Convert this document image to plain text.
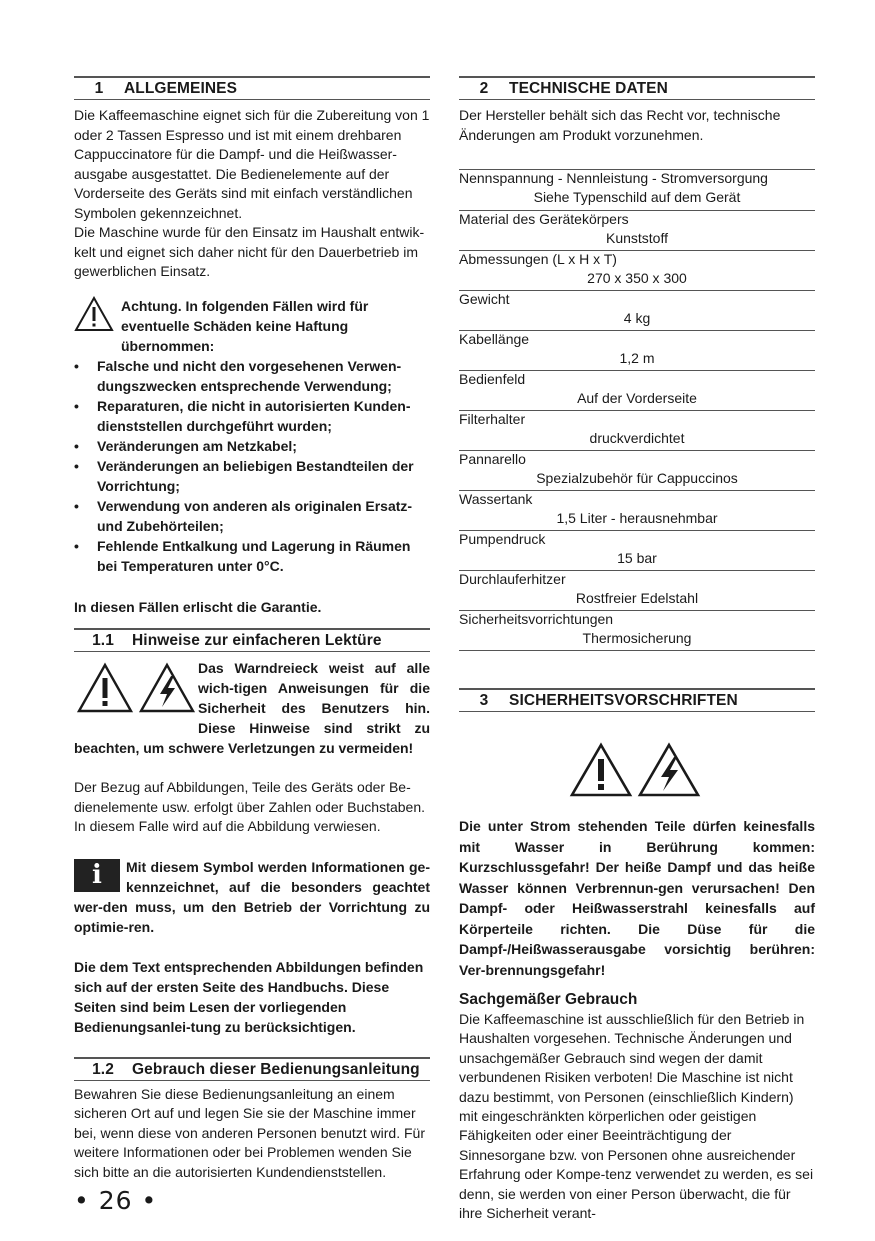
1 ALLGEMEINES

Die Kaffeemaschine eignet sich für die Zubereitung von 1 oder 2 Tassen Espresso und ist mit einem drehbaren Cappuccinatore für die Dampf- und die Heißwasser-ausgabe ausgestattet. Die Bedienelemente auf der Vorderseite des Geräts sind mit einfach verständlichen Symbolen gekennzeichnet.

Die Maschine wurde für den Einsatz im Haushalt entwik-kelt und eignet sich daher nicht für den Dauerbetrieb im gewerblichen Einsatz.

Achtung. In folgenden Fällen wird für eventuelle Schäden keine Haftung übernommen:

• Falsche und nicht den vorgesehenen Verwen-dungszwecken entsprechende Verwendung;
• Reparaturen, die nicht in autorisierten Kunden-dienststellen durchgeführt wurden;
• Veränderungen am Netzkabel;
• Veränderungen an beliebigen Bestandteilen der Vorrichtung;
• Verwendung von anderen als originalen Ersatz-und Zubehörteilen;
• Fehlende Entkalkung und Lagerung in Räumen bei Temperaturen unter 0°C.

In diesen Fällen erlischt die Garantie.

1.1 Hinweise zur einfacheren Lektüre

Das Warndreieck weist auf alle wich-tigen Anweisungen für die Sicherheit des Benutzers hin. Diese Hinweise sind strikt zu beachten, um schwere Verletzungen zu vermeiden!

Der Bezug auf Abbildungen, Teile des Geräts oder Be-dienelemente usw. erfolgt über Zahlen oder Buchstaben. In diesem Falle wird auf die Abbildung verwiesen.

i	Mit diesem Symbol werden Informationen ge-kennzeichnet, auf die besonders geachtet wer-den muss, um den Betrieb der Vorrichtung zu optimie-ren.

Die dem Text entsprechenden Abbildungen befinden sich auf der ersten Seite des Handbuchs. Diese Seiten sind beim Lesen der vorliegenden Bedienungsanlei-tung zu berücksichtigen.

1.2 Gebrauch dieser Bedienungsanleitung

Bewahren Sie diese Bedienungsanleitung an einem sicheren Ort auf und legen Sie sie der Maschine immer bei, wenn diese von anderen Personen benutzt wird. Für weitere Informationen oder bei Problemen wenden Sie sich bitte an die autorisierten Kundendienststellen.

2 TECHNISCHE DATEN

Der Hersteller behält sich das Recht vor, technische Änderungen am Produkt vorzunehmen.

Nennspannung - Nennleistung - Stromversorgung
Siehe Typenschild auf dem Gerät
Material des Gerätekörpers
Kunststoff
Abmessungen (L x H x T)
270 x 350 x 300
Gewicht
4 kg
Kabellänge
1,2 m
Bedienfeld
Auf der Vorderseite
Filterhalter
druckverdichtet
Pannarello
Spezialzubehör für Cappuccinos
Wassertank
1,5 Liter - herausnehmbar
Pumpendruck
15 bar
Durchlauferhitzer
Rostfreier Edelstahl
Sicherheitsvorrichtungen
Thermosicherung
3 SICHERHEITSVORSCHRIFTEN

Die unter Strom stehenden Teile dürfen keinesfalls mit Wasser in Berührung kommen: Kurzschlussgefahr! Der heiße Dampf und das heiße Wasser können Verbrennun-gen verursachen! Den Dampf- oder Heißwasserstrahl keinesfalls auf Körperteile richten. Die Düse für die Dampf-/Heißwasserausgabe vorsichtig berühren: Ver-brennungsgefahr!

Sachgemäßer Gebrauch

Die Kaffeemaschine ist ausschließlich für den Betrieb in Haushalten vorgesehen. Technische Änderungen und unsachgemäßer Gebrauch sind wegen der damit verbundenen Risiken verboten! Die Maschine ist nicht dazu bestimmt, von Personen (einschließlich Kindern) mit eingeschränkten körperlichen oder geistigen Fähigkeiten oder einer Beeinträchtigung der Sinnesorgane bzw. von Personen ohne ausreichender Erfahrung oder Kompe-tenz verwendet zu werden, es sei denn, sie werden von einer Person überwacht, die für ihre Sicherheit verant-

• 26 •
